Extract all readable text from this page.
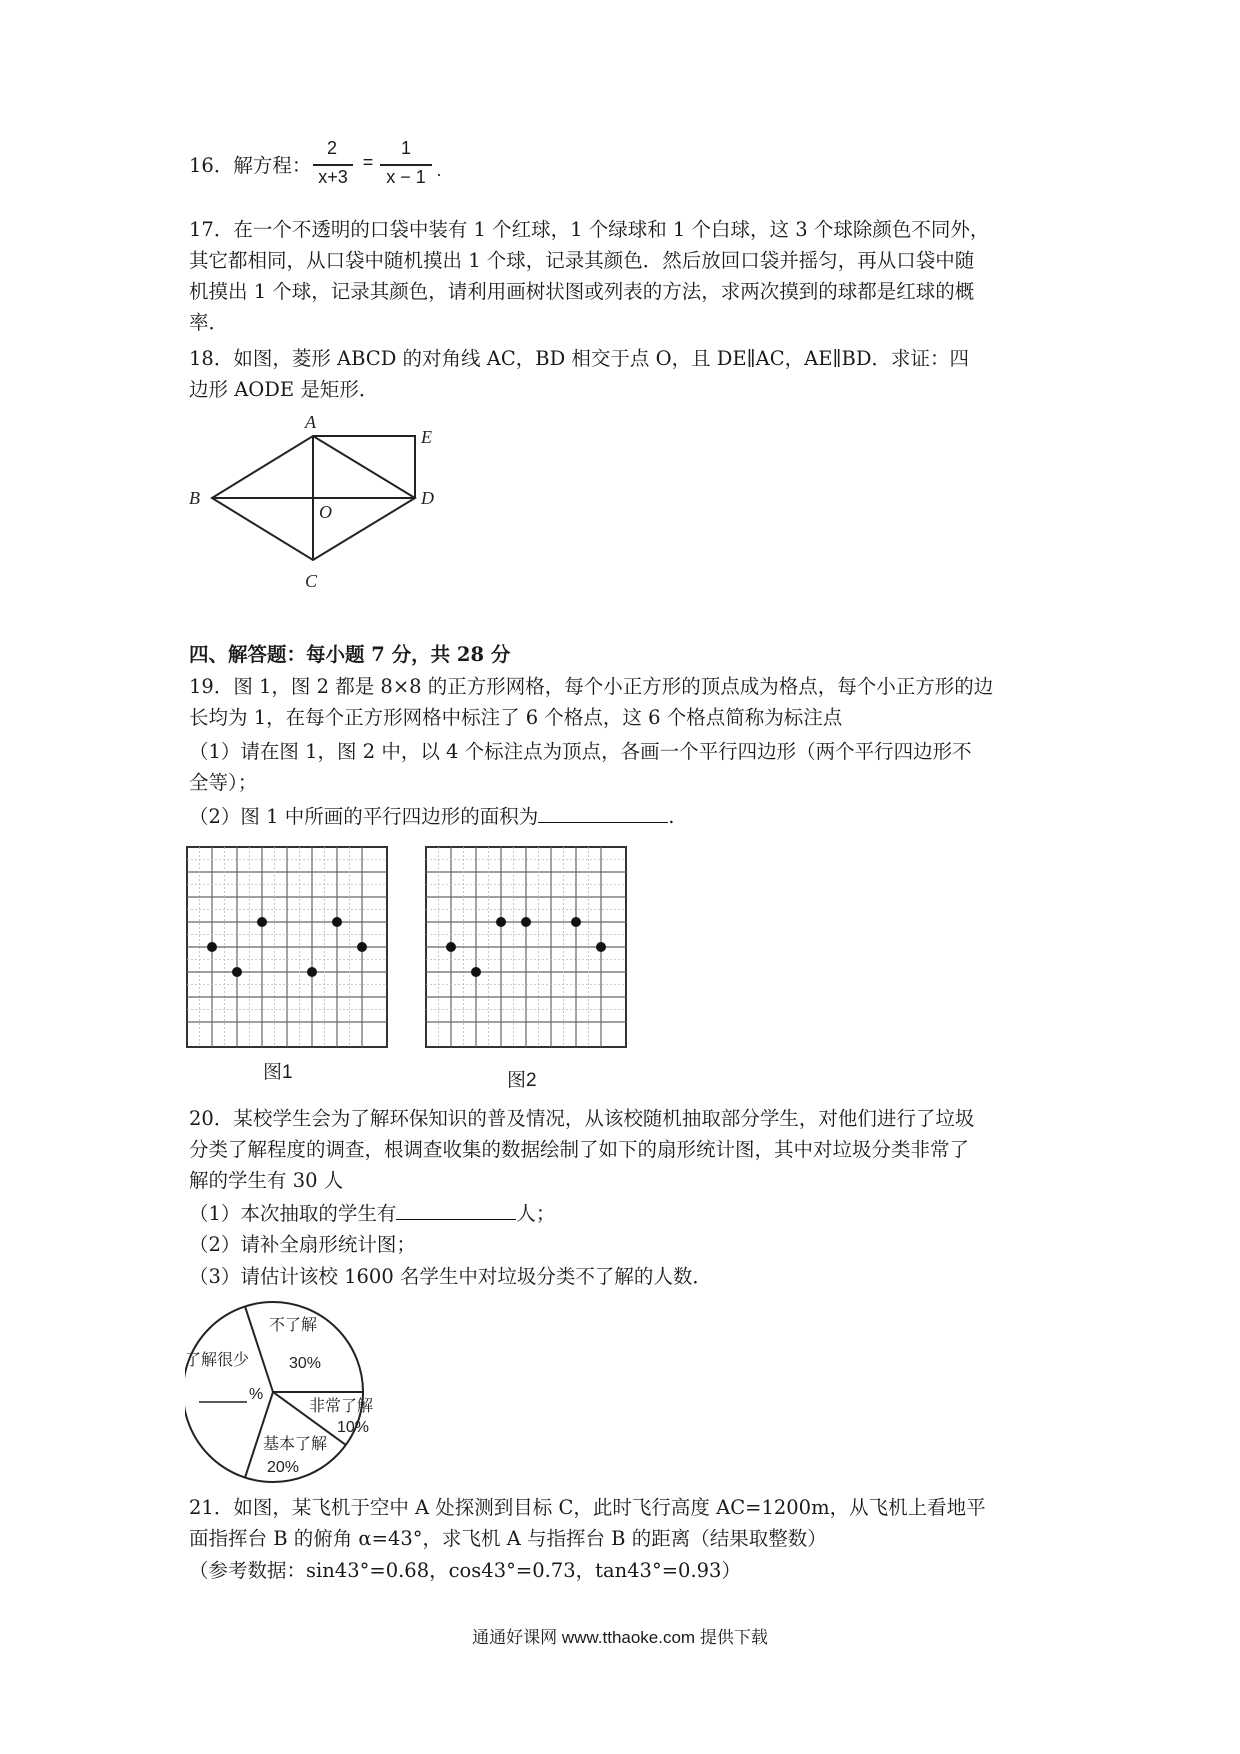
16．解方程：
2
x+3
=
1
x − 1 .
17．在一个不透明的口袋中装有 1 个红球，1 个绿球和 1 个白球，这 3 个球除颜色不同外，
其它都相同，从口袋中随机摸出 1 个球，记录其颜色．然后放回口袋并摇匀，再从口袋中随
机摸出 1 个球，记录其颜色，请利用画树状图或列表的方法，求两次摸到的球都是红球的概
率．
18．如图，菱形 ABCD 的对角线 AC，BD 相交于点 O，且 DE∥AC，AE∥BD．求证：四
边形 AODE 是矩形．
A
B
C
D
E
O
四、解答题：每小题 7 分，共 28 分
19．图 1，图 2 都是 8×8 的正方形网格，每个小正方形的顶点成为格点，每个小正方形的边
长均为 1，在每个正方形网格中标注了 6 个格点，这 6 个格点简称为标注点
（1）请在图 1，图 2 中，以 4 个标注点为顶点，各画一个平行四边形（两个平行四边形不
全等）；
（2）图 1 中所画的平行四边形的面积为	.
图1	图2
20．某校学生会为了解环保知识的普及情况，从该校随机抽取部分学生，对他们进行了垃圾
分类了解程度的调查，根调查收集的数据绘制了如下的扇形统计图，其中对垃圾分类非常了
解的学生有 30 人
（1）本次抽取的学生有	人；
（2）请补全扇形统计图；
（3）请估计该校 1600 名学生中对垃圾分类不了解的人数．
不了解
30%
非常了解
10%
基本了解
20%
了解很少
%
21．如图，某飞机于空中 A 处探测到目标 C，此时飞行高度 AC=1200m，从飞机上看地平
面指挥台 B 的俯角 α=43°，求飞机 A 与指挥台 B 的距离（结果取整数）
（参考数据：sin43°=0.68，cos43°=0.73，tan43°=0.93）
通通好课网 www.tthaoke.com 提供下载
